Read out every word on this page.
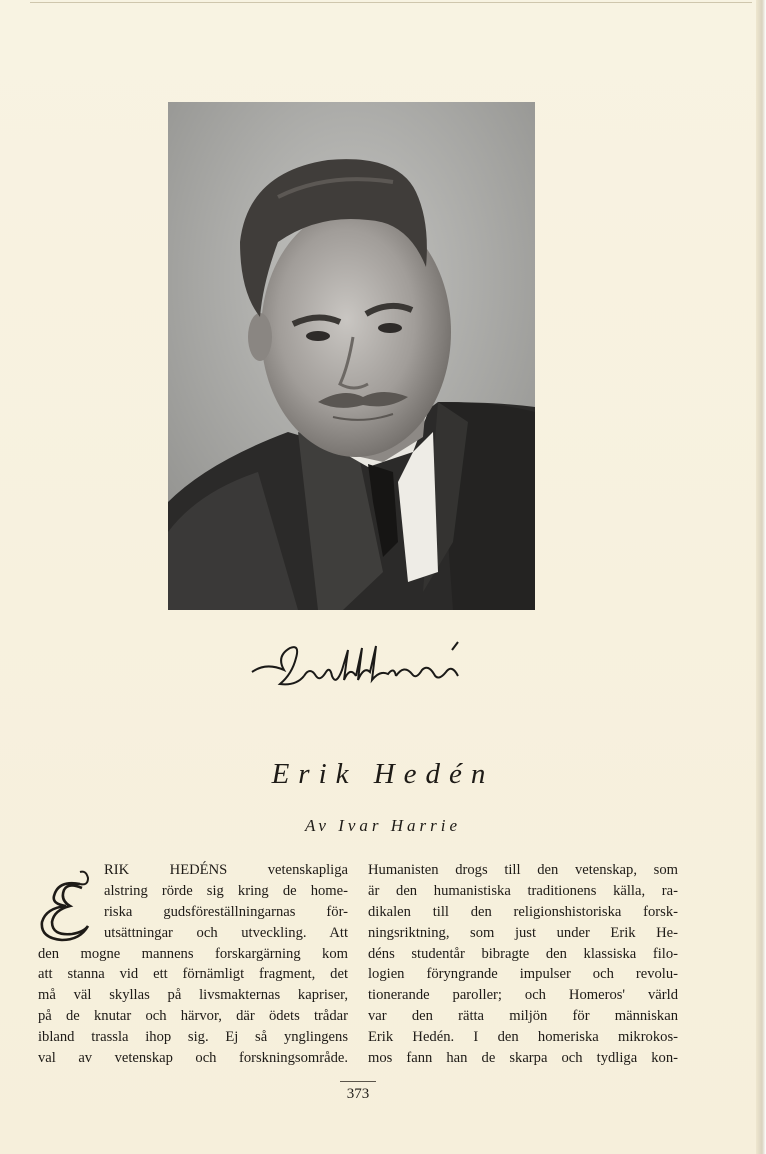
Erik Hedén
Av Ivar Harrie
E
RIK HEDÉNS vetenskapliga
alstring rörde sig kring de home-
riska gudsföreställningarnas för-
utsättningar och utveckling. Att
den mogne mannens forskargärning kom
att stanna vid ett förnämligt fragment, det
må väl skyllas på livsmakternas kapriser,
på de knutar och härvor, där ödets trådar
ibland trassla ihop sig. Ej så ynglingens
val av vetenskap och forskningsområde.
Humanisten drogs till den vetenskap, som
är den humanistiska traditionens källa, ra-
dikalen till den religionshistoriska forsk-
ningsriktning, som just under Erik He-
déns studentår bibragte den klassiska filo-
logien föryngrande impulser och revolu-
tionerande paroller; och Homeros' värld
var den rätta miljön för människan
Erik Hedén. I den homeriska mikrokos-
mos fann han de skarpa och tydliga kon-
373
